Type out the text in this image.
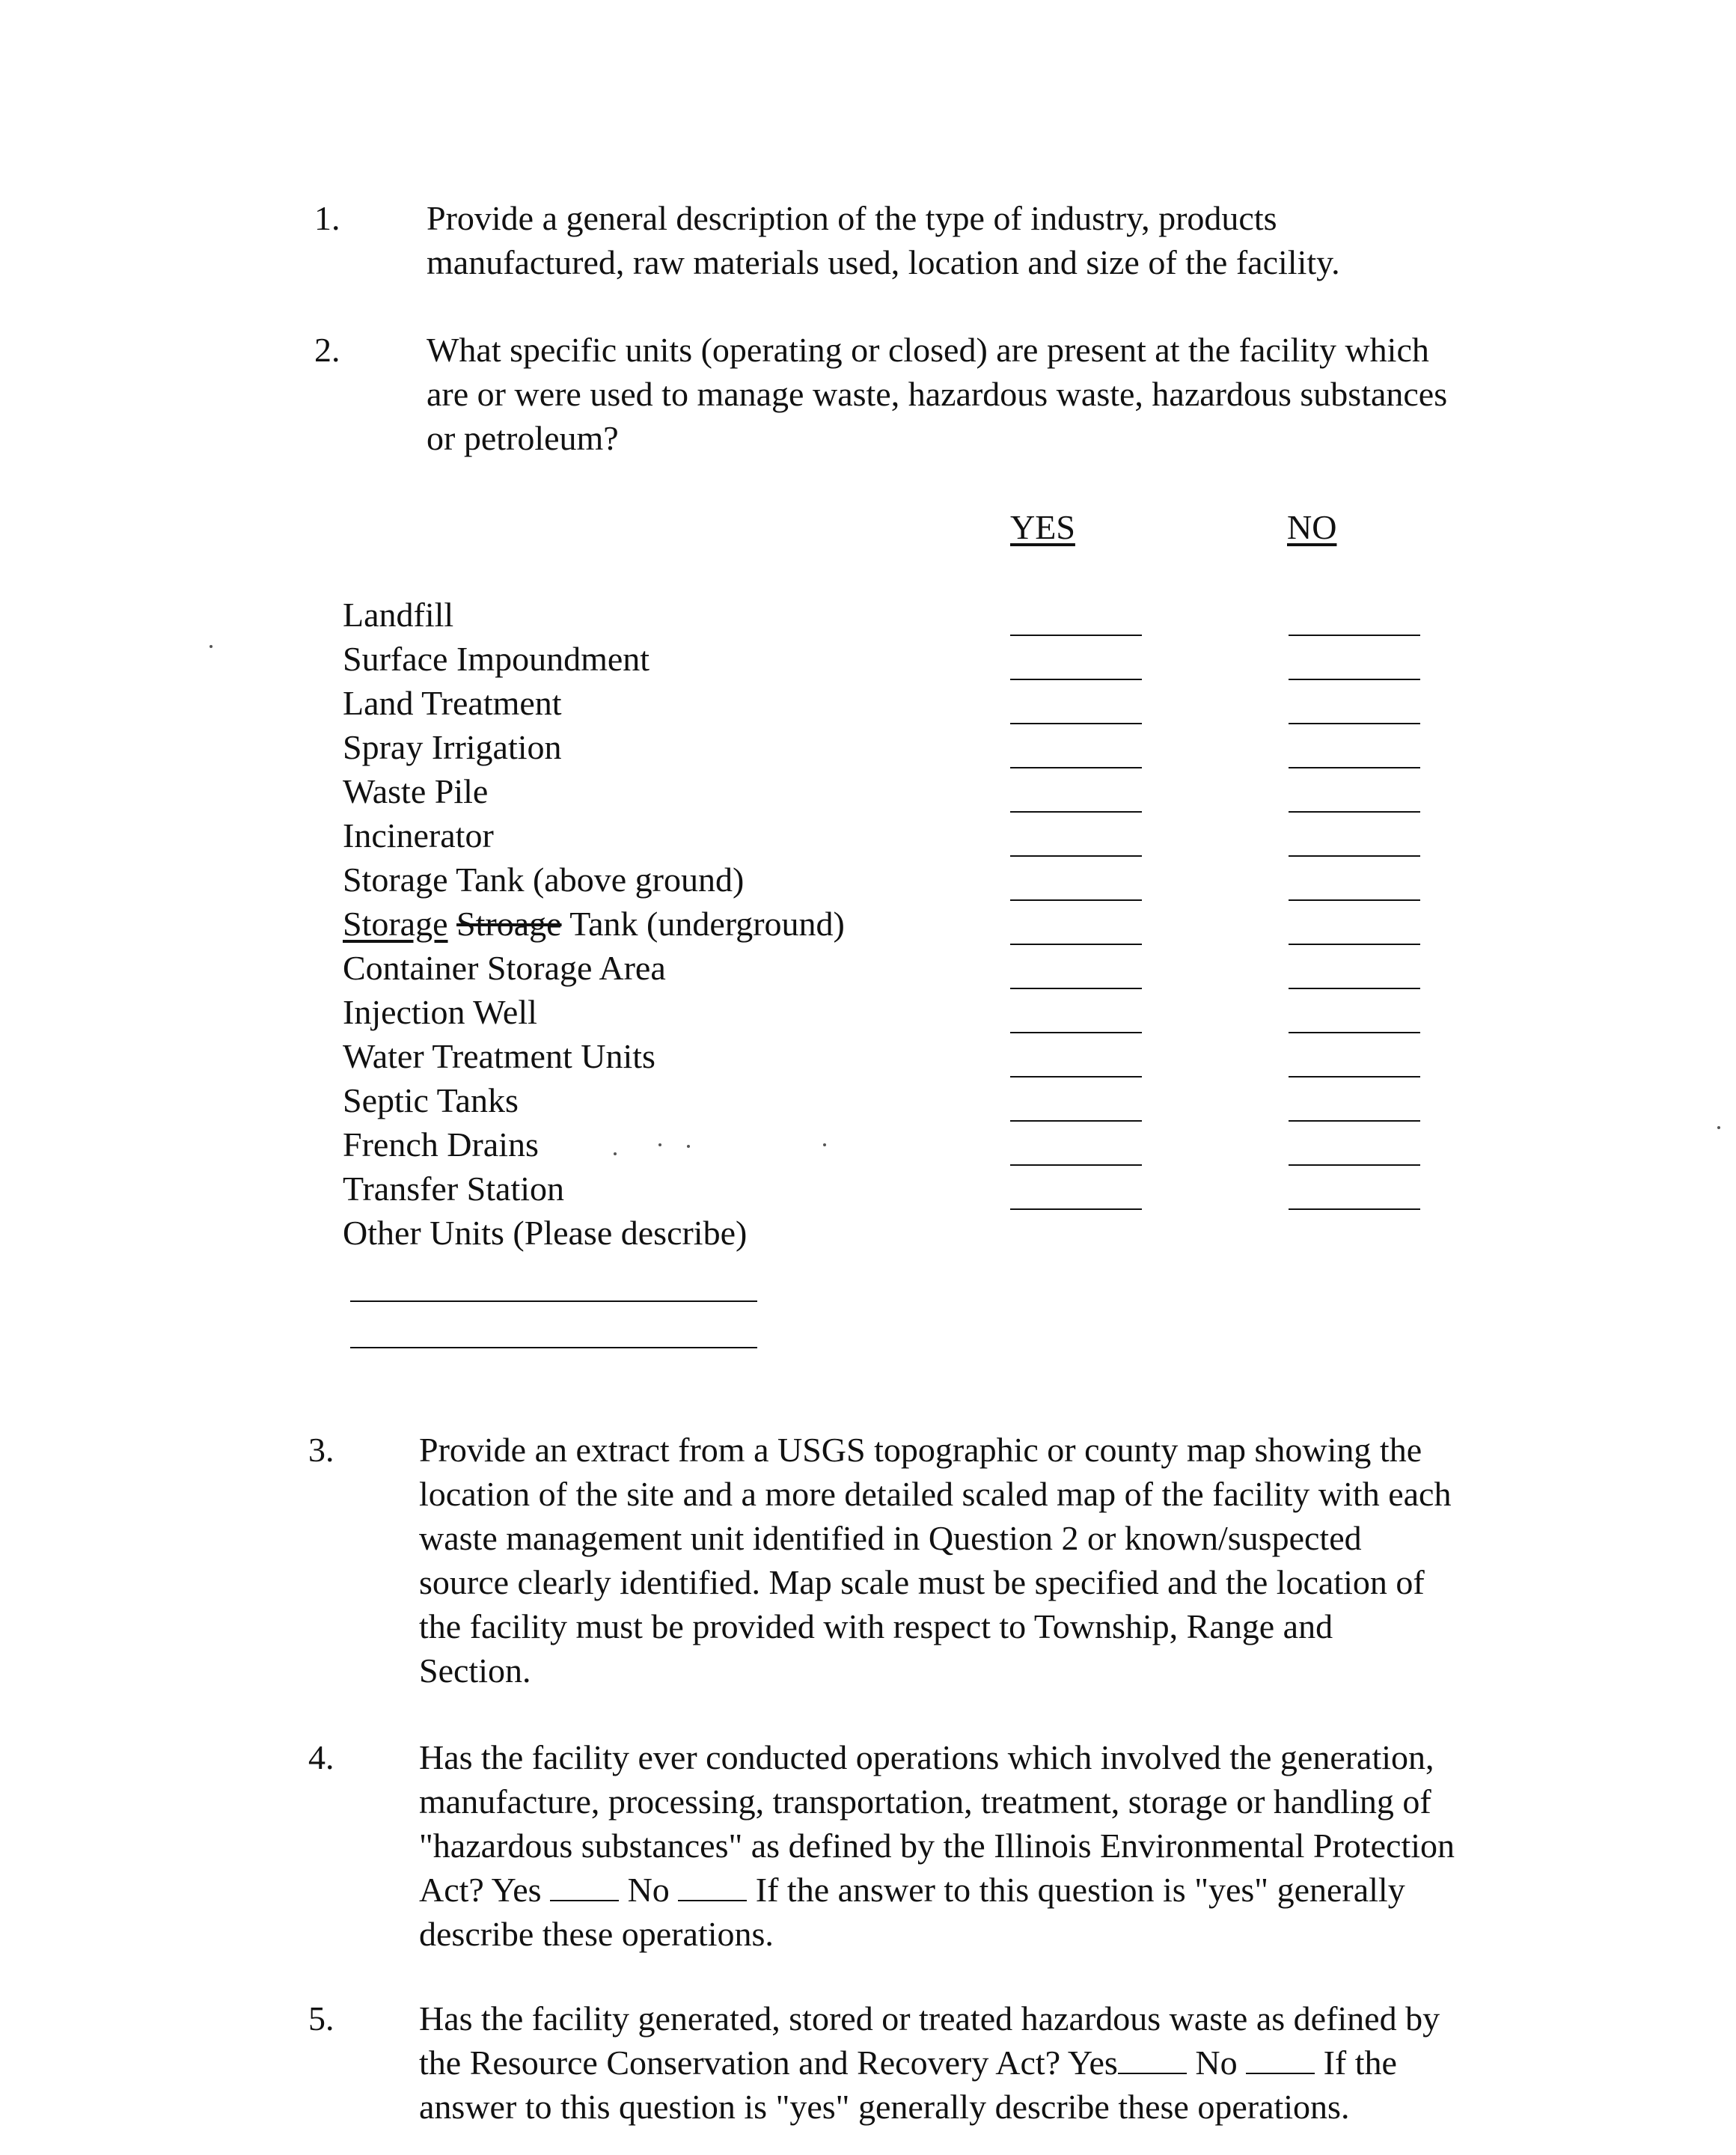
1.	Provide a general description of the type of industry, products
manufactured, raw materials used, location and size of the facility.
2.	What specific units (operating or closed) are present at the facility which
are or were used to manage waste, hazardous waste, hazardous substances
or petroleum?
YES	NO
Landfill
Surface Impoundment
Land Treatment
Spray Irrigation
Waste Pile
Incinerator
Storage Tank (above ground)
Storage Stroage Tank (underground)
Container Storage Area
Injection Well
Water Treatment Units
Septic Tanks
French Drains
Transfer Station
Other Units (Please describe)
3. Provide an extract from a USGS topographic or county map showing the
location of the site and a more detailed scaled map of the facility with each
waste management unit identified in Question 2 or known/suspected
source clearly identified. Map scale must be specified and the location of
the facility must be provided with respect to Township, Range and
Section.
4. Has the facility ever conducted operations which involved the generation,
manufacture, processing, transportation, treatment, storage or handling of
"hazardous substances" as defined by the Illinois Environmental Protection
Act? Yes	No	If the answer to this question is "yes" generally
describe these operations.
5. Has the facility generated, stored or treated hazardous waste as defined by
the Resource Conservation and Recovery Act? Yes No	If the
answer to this question is "yes" generally describe these operations.
